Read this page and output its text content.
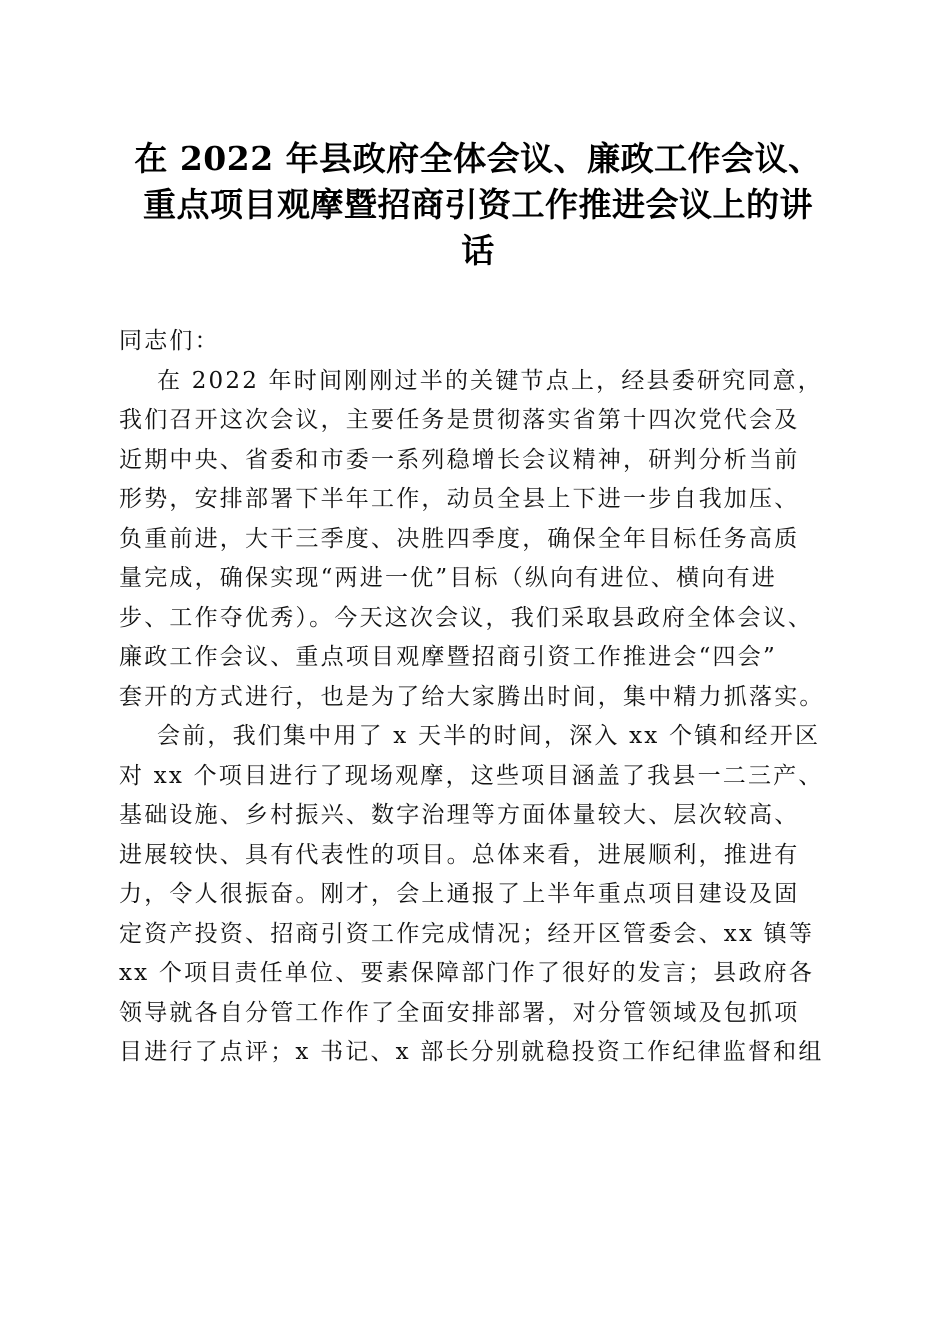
在 2022 年县政府全体会议、廉政工作会议、
重点项目观摩暨招商引资工作推进会议上的讲
话
同志们：
在 2022 年时间刚刚过半的关键节点上，经县委研究同意，
我们召开这次会议，主要任务是贯彻落实省第十四次党代会及
近期中央、省委和市委一系列稳增长会议精神，研判分析当前
形势，安排部署下半年工作，动员全县上下进一步自我加压、
负重前进，大干三季度、决胜四季度，确保全年目标任务高质
量完成，确保实现“两进一优”目标（纵向有进位、横向有进
步、工作夺优秀）。今天这次会议，我们采取县政府全体会议、
廉政工作会议、重点项目观摩暨招商引资工作推进会“四会”
套开的方式进行，也是为了给大家腾出时间，集中精力抓落实。
会前，我们集中用了 x 天半的时间，深入 xx 个镇和经开区
对 xx 个项目进行了现场观摩，这些项目涵盖了我县一二三产、
基础设施、乡村振兴、数字治理等方面体量较大、层次较高、
进展较快、具有代表性的项目。总体来看，进展顺利，推进有
力，令人很振奋。刚才，会上通报了上半年重点项目建设及固
定资产投资、招商引资工作完成情况；经开区管委会、xx 镇等
xx 个项目责任单位、要素保障部门作了很好的发言；县政府各
领导就各自分管工作作了全面安排部署，对分管领域及包抓项
目进行了点评；x 书记、x 部长分别就稳投资工作纪律监督和组
